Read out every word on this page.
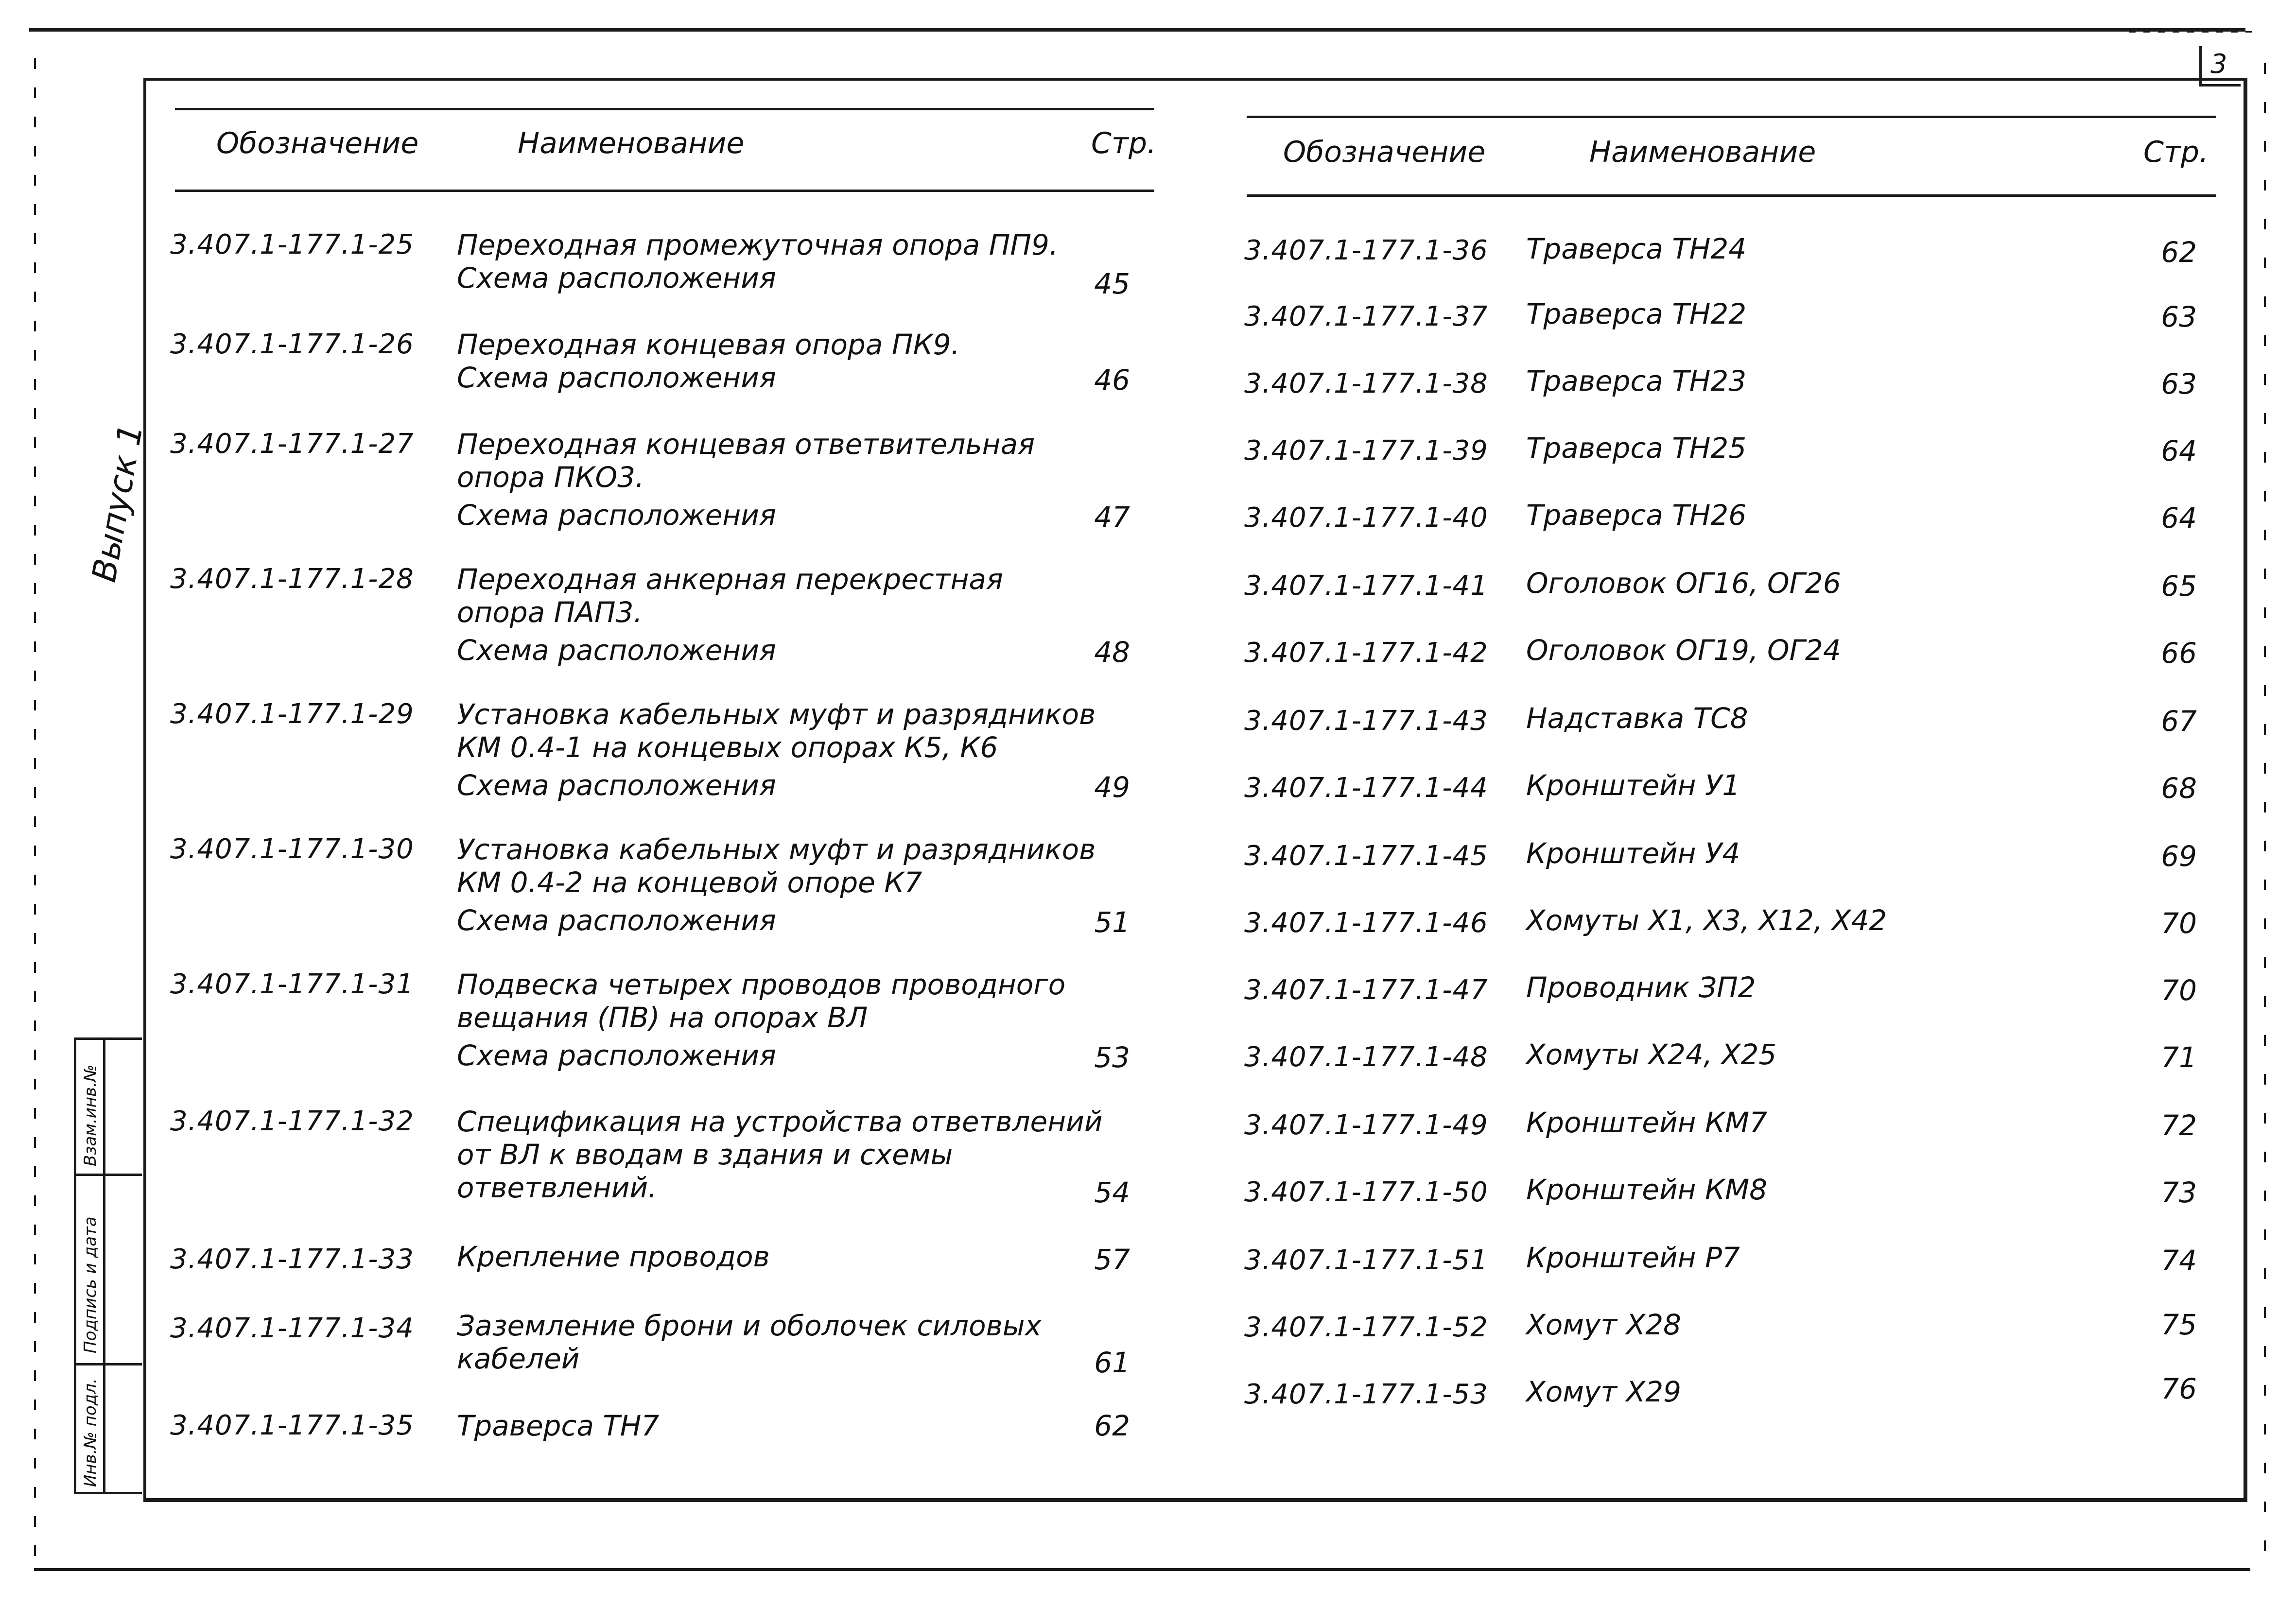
3
Выпуск 1
Взам.инв.№
Подпись и дата
Инв.№ подл.
Обозначение	Наименование	Стр.
3.407.1-177.1-25 Переходная промежуточная опора ПП9.
Схема расположения	45
3.407.1-177.1-26 Переходная концевая опора ПК9.
Схема расположения	46
3.407.1-177.1-27 Переходная концевая ответвительная
опора ПКО3.
Схема расположения	47
3.407.1-177.1-28 Переходная анкерная перекрестная
опора ПАП3.
Схема расположения	48
3.407.1-177.1-29 Установка кабельных муфт и разрядников
КМ 0.4-1 на концевых опорах К5, К6
Схема расположения	49
3.407.1-177.1-30 Установка кабельных муфт и разрядников
КМ 0.4-2 на концевой опоре К7
Схема расположения	51
3.407.1-177.1-31 Подвеска четырех проводов проводного
вещания (ПВ) на опорах ВЛ
Схема расположения	53
3.407.1-177.1-32 Спецификация на устройства ответвлений
от ВЛ к вводам в здания и схемы
ответвлений.	54
3.407.1-177.1-33 Крепление проводов	57
3.407.1-177.1-34 Заземление брони и оболочек силовых
кабелей	61
3.407.1-177.1-35 Траверса ТН7	62
Обозначение	Наименование	Стр.
3.407.1-177.1-36 Траверса ТН24	62
3.407.1-177.1-37 Траверса ТН22	63
3.407.1-177.1-38 Траверса ТН23	63
3.407.1-177.1-39 Траверса ТН25	64
3.407.1-177.1-40 Траверса ТН26	64
3.407.1-177.1-41 Оголовок ОГ16, ОГ26	65
3.407.1-177.1-42 Оголовок ОГ19, ОГ24	66
3.407.1-177.1-43 Надставка ТС8	67
3.407.1-177.1-44 Кронштейн У1	68
3.407.1-177.1-45 Кронштейн У4	69
3.407.1-177.1-46 Хомуты Х1, Х3, Х12, Х42	70
3.407.1-177.1-47 Проводник ЗП2	70
3.407.1-177.1-48 Хомуты Х24, Х25	71
3.407.1-177.1-49 Кронштейн КМ7	72
3.407.1-177.1-50 Кронштейн КМ8	73
3.407.1-177.1-51 Кронштейн Р7	74
3.407.1-177.1-52 Хомут Х28	75
3.407.1-177.1-53 Хомут Х29	76
